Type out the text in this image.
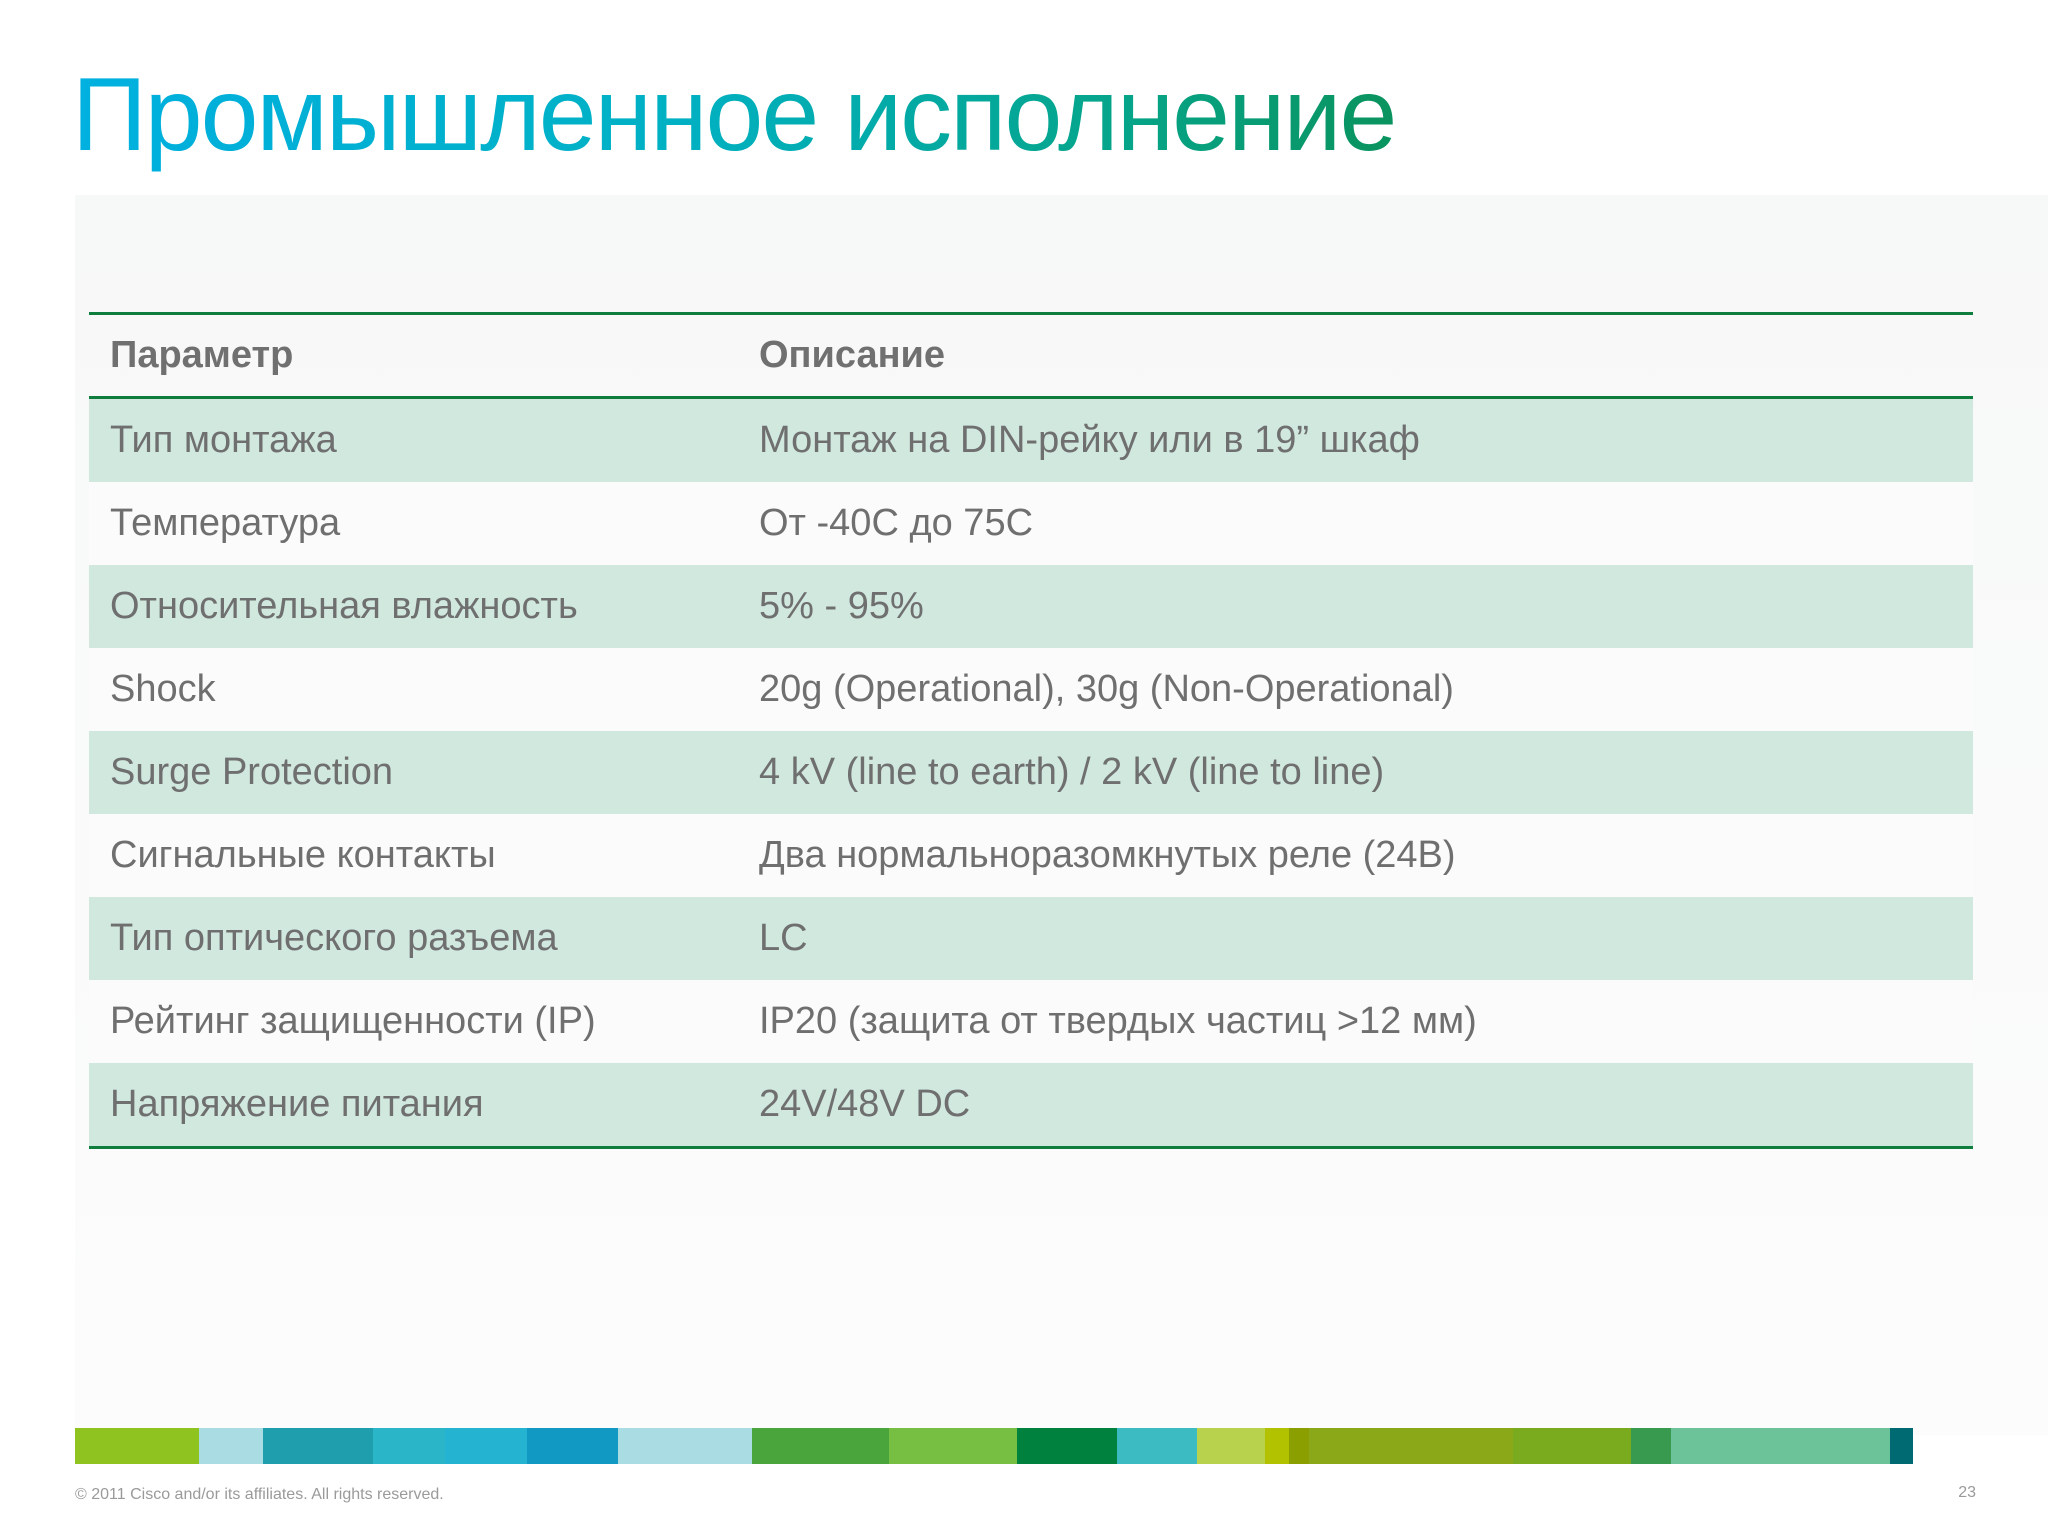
Промышленное исполнение
Параметр	Описание
Тип монтажа	Монтаж на DIN-рейку или в 19” шкаф
Температура	От -40C до 75C
Относительная влажность	5% - 95%
Shock	20g (Operational), 30g (Non-Operational)
Surge Protection	4 kV (line to earth) / 2 kV (line to line)
Сигнальные контакты	Два нормальноразомкнутых реле (24В)
Тип оптического разъема	LC
Рейтинг защищенности (IP)	IP20 (защита от твердых частиц >12 мм)
Напряжение питания	24V/48V DC
© 2011 Cisco and/or its affiliates. All rights reserved.	23
